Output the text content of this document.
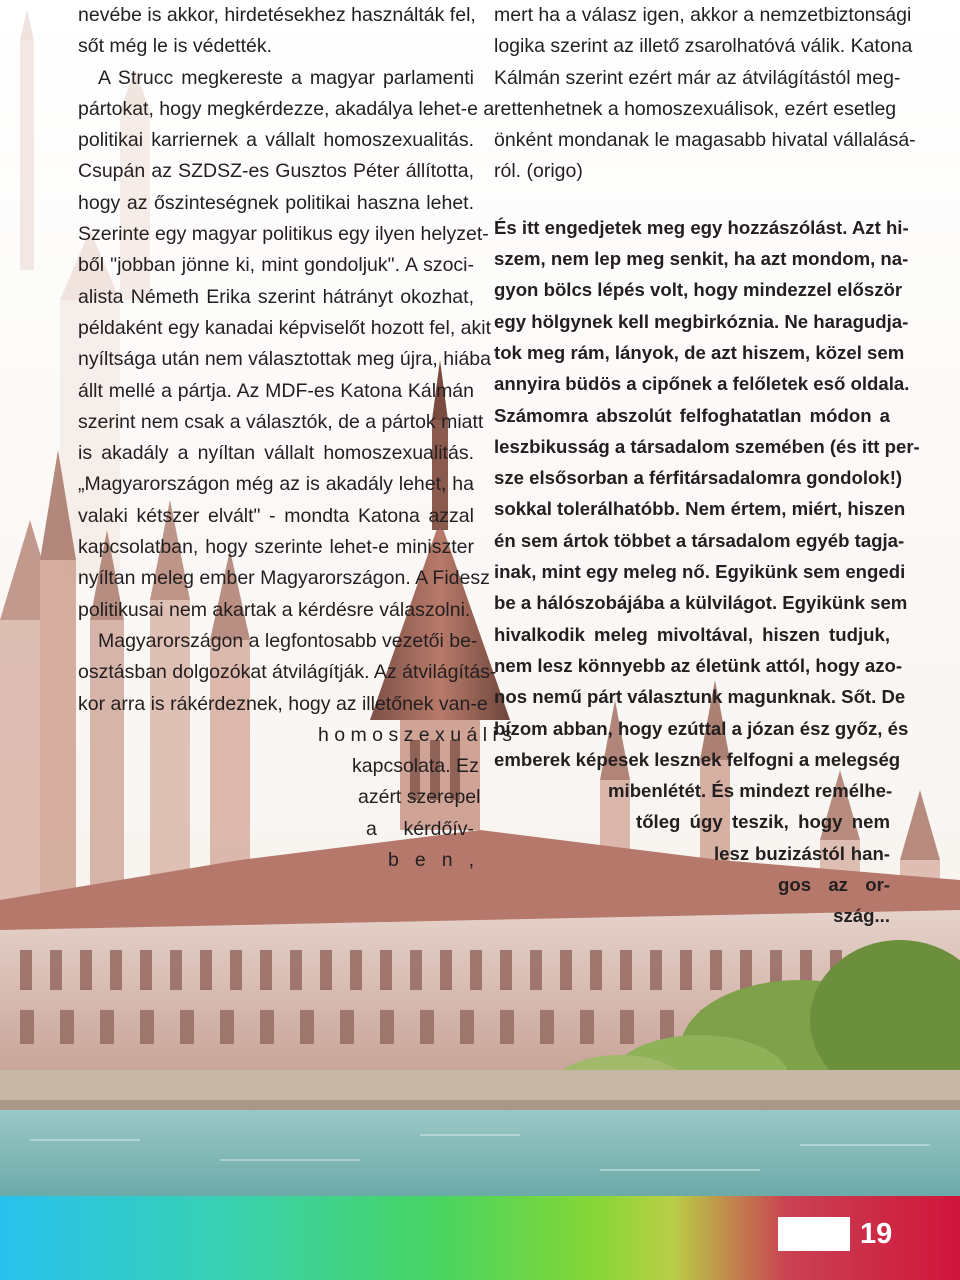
nevébe is akkor, hirdetésekhez használták fel,
sőt még le is védették.
A Strucc megkereste a magyar parlamenti
pártokat, hogy megkérdezze, akadálya lehet-e a
politikai karriernek a vállalt homoszexualitás.
Csupán az SZDSZ-es Gusztos Péter állította,
hogy az őszinteségnek politikai haszna lehet.
Szerinte egy magyar politikus egy ilyen helyzet-
ből "jobban jönne ki, mint gondoljuk". A szoci-
alista Németh Erika szerint hátrányt okozhat,
példaként egy kanadai képviselőt hozott fel, akit
nyíltsága után nem választottak meg újra, hiába
állt mellé a pártja. Az MDF-es Katona Kálmán
szerint nem csak a választók, de a pártok miatt
is akadály a nyíltan vállalt homoszexualitás.
„Magyarországon még az is akadály lehet, ha
valaki kétszer elvált" - mondta Katona azzal
kapcsolatban, hogy szerinte lehet-e miniszter
nyíltan meleg ember Magyarországon. A Fidesz
politikusai nem akartak a kérdésre válaszolni.
Magyarországon a legfontosabb vezetői be-
osztásban dolgozókat átvilágítják. Az átvilágítás-
kor arra is rákérdeznek, hogy az illetőnek van-e
h o m o s z e x u á l i s
kapcsolata. Ez
azért szerepel
a kérdőív-
b e n ,
mert ha a válasz igen, akkor a nemzetbiztonsági
logika szerint az illető zsarolhatóvá válik. Katona
Kálmán szerint ezért már az átvilágítástól meg-
rettenhetnek a homoszexuálisok, ezért esetleg
önként mondanak le magasabb hivatal vállalásá-
ról. (origo)
És itt engedjetek meg egy hozzászólást. Azt hi-
szem, nem lep meg senkit, ha azt mondom, na-
gyon bölcs lépés volt, hogy mindezzel először
egy hölgynek kell megbirkóznia. Ne haragudja-
tok meg rám, lányok, de azt hiszem, közel sem
annyira büdös a cipőnek a felőletek eső oldala.
Számomra abszolút felfoghatatlan módon a
leszbikusság a társadalom szemében (és itt per-
sze elsősorban a férfitársadalomra gondolok!)
sokkal tolerálhatóbb. Nem értem, miért, hiszen
én sem ártok többet a társadalom egyéb tagja-
inak, mint egy meleg nő. Egyikünk sem engedi
be a hálószobájába a külvilágot. Egyikünk sem
hivalkodik meleg mivoltával, hiszen tudjuk,
nem lesz könnyebb az életünk attól, hogy azo-
nos nemű párt választunk magunknak. Sőt. De
bízom abban, hogy ezúttal a józan ész győz, és
emberek képesek lesznek felfogni a melegség
mibenlétét. És mindezt remélhe-
tőleg úgy teszik, hogy nem
lesz buzizástól han-
gos az or-
szág...
19
